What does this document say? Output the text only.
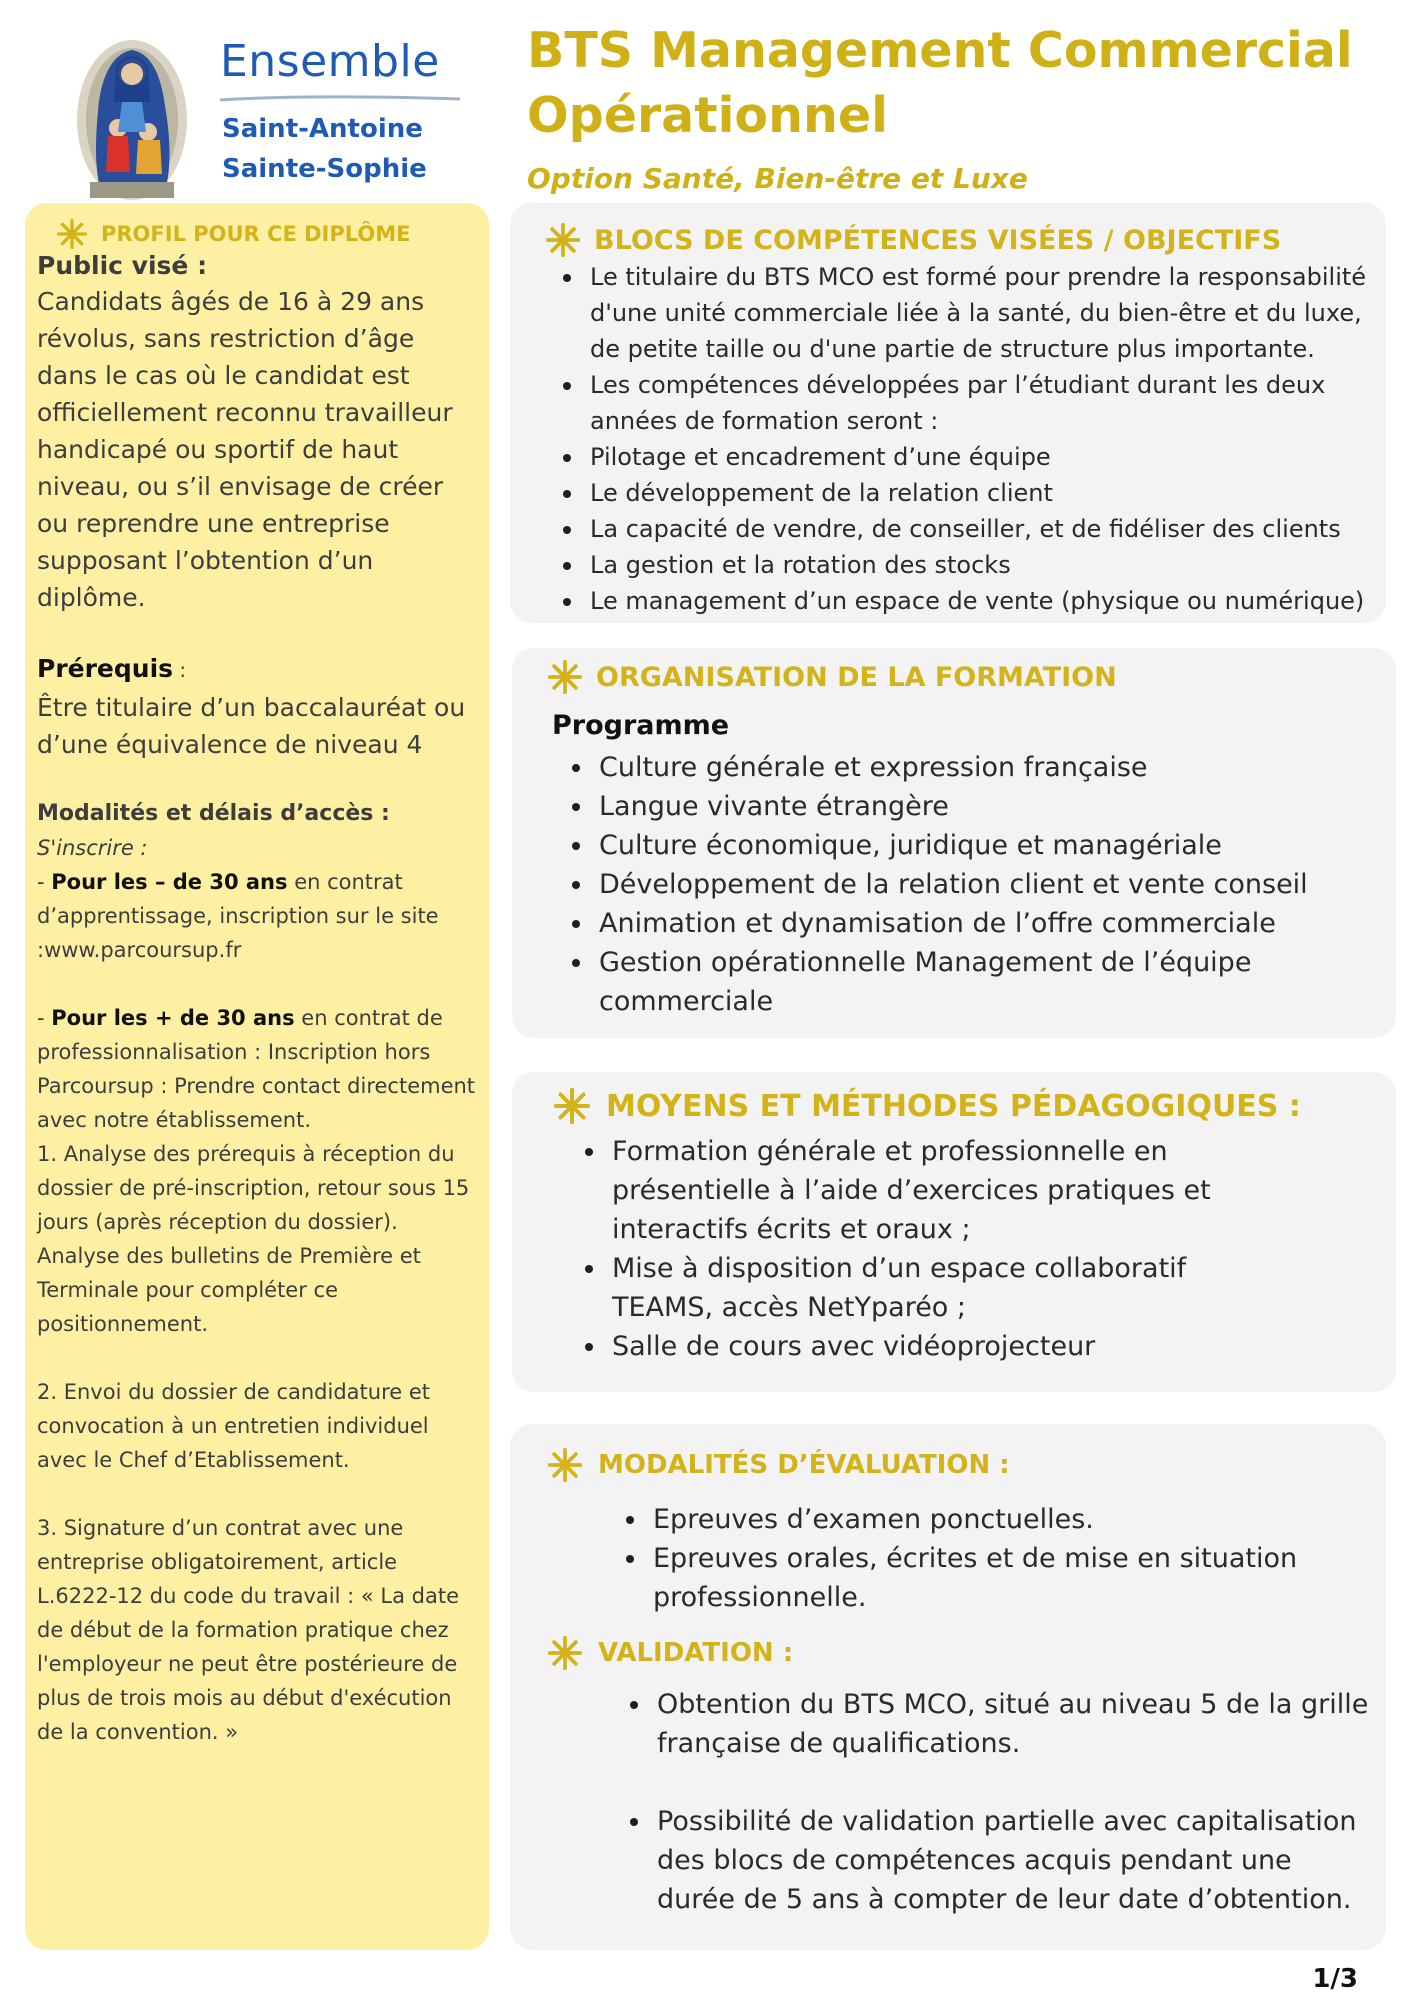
Ensemble
Saint-Antoine
Sainte-Sophie
BTS Management Commercial Opérationnel
Option Santé, Bien-être et Luxe
PROFIL POUR CE DIPLÔME
Public visé :
Candidats âgés de 16 à 29 ans révolus, sans restriction d’âge dans le cas où le candidat est officiellement reconnu travailleur handicapé ou sportif de haut niveau, ou s’il envisage de créer ou reprendre une entreprise supposant l’obtention d’un diplôme.
Prérequis :
Être titulaire d’un baccalauréat ou d’une équivalence de niveau 4
Modalités et délais d’accès :
S'inscrire :
- Pour les – de 30 ans en contrat d’apprentissage, inscription sur le site :www.parcoursup.fr
- Pour les + de 30 ans en contrat de professionnalisation : Inscription hors Parcoursup : Prendre contact directement avec notre établissement.
1. Analyse des prérequis à réception du dossier de pré-inscription, retour sous 15 jours (après réception du dossier).
Analyse des bulletins de Première et Terminale pour compléter ce positionnement.
2. Envoi du dossier de candidature et convocation à un entretien individuel avec le Chef d’Etablissement.
3. Signature d’un contrat avec une entreprise obligatoirement, article L.6222-12 du code du travail : « La date de début de la formation pratique chez l'employeur ne peut être postérieure de plus de trois mois au début d'exécution de la convention. »
BLOCS DE COMPÉTENCES VISÉES / OBJECTIFS
Le titulaire du BTS MCO est formé pour prendre la responsabilité d'une unité commerciale liée à la santé, du bien-être et du luxe, de petite taille ou d'une partie de structure plus importante.
Les compétences développées par l’étudiant durant les deux années de formation seront :
Pilotage et encadrement d’une équipe
Le développement de la relation client
La capacité de vendre, de conseiller, et de fidéliser des clients
La gestion et la rotation des stocks
Le management d’un espace de vente (physique ou numérique)
ORGANISATION DE LA FORMATION
Programme
Culture générale et expression française
Langue vivante étrangère
Culture économique, juridique et managériale
Développement de la relation client et vente conseil
Animation et dynamisation de l’offre commerciale
Gestion opérationnelle Management de l’équipe commerciale
MOYENS ET MÉTHODES PÉDAGOGIQUES :
Formation générale et professionnelle en présentielle à l’aide d’exercices pratiques et interactifs écrits et oraux ;
Mise à disposition d’un espace collaboratif TEAMS, accès NetYparéo ;
Salle de cours avec vidéoprojecteur
MODALITÉS D’ÉVALUATION :
Epreuves d’examen ponctuelles.
Epreuves orales, écrites et de mise en situation professionnelle.
VALIDATION :
Obtention du BTS MCO, situé au niveau 5 de la grille française de qualifications.
Possibilité de validation partielle avec capitalisation des blocs de compétences acquis pendant une durée de 5 ans à compter de leur date d’obtention.
1/3
